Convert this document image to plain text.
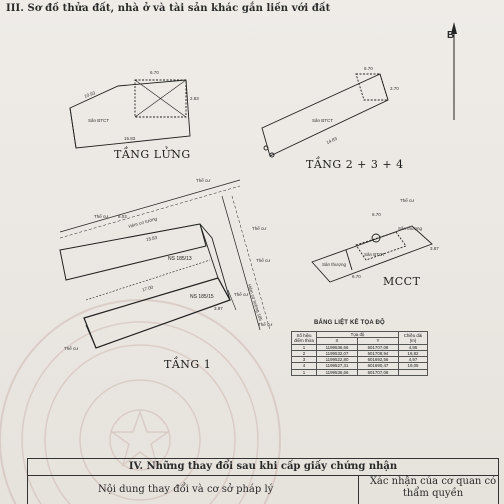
III. Sơ đồ thửa đất, nhà ở và tài sản khác gắn liền với đất
B
TẦNG LỬNG
TẦNG 2 + 3 + 4
TẦNG 1
MCCT
Sân BTCT	Sân BTCT
Sân BTCT
Sân thượng
Sân thượng
Thể cư
Thể cư
Thể cư
Thể cư
Thể cư
Thể cư
Thể cư
Thể cư
NS 185/13
NS 185/15
Hẻm cơ tường
Hẻm cơ tường 185
6.70
10.93	2.83
15.83
6.70
14.83
3.70
15.83
8.03
17.00
3.97
6.70
3.87
6.70
BẢNG LIỆT KÊ TỌA ĐỘ
Số hiệu điểm thửa	Tọa độ		Chiều dài (m)
	X	Y	
1	1199536,66	601707,08	4,95
2	1199532,07	601708,94	18,82
3	1199522,80	601692,56	4,97
4	1199527,31	601690,47	19,05
1	1199536,66	601707,08	
IV. Những thay đổi sau khi cấp giấy chứng nhận
Nội dung thay đổi và cơ sở pháp lý
Xác nhận của cơ quan có thẩm quyền
